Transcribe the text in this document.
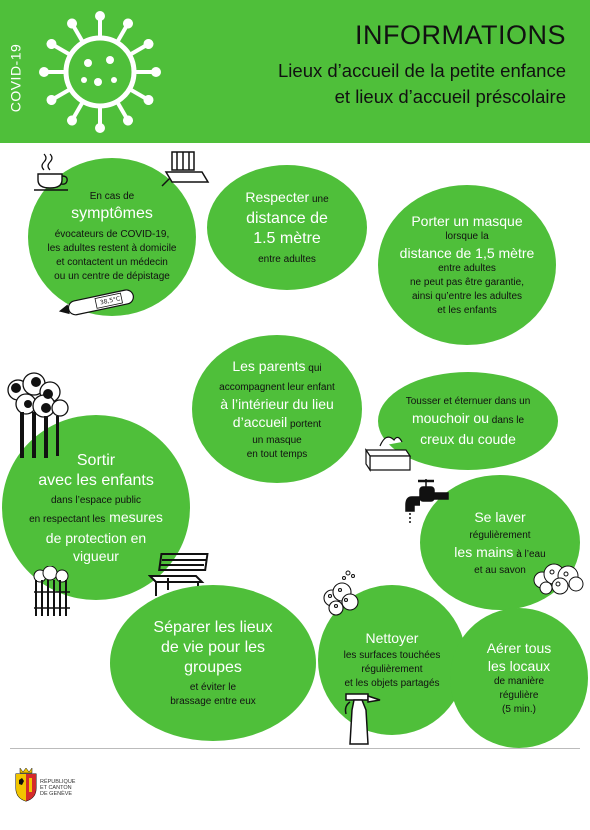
COVID-19
INFORMATIONS
Lieux d’accueil de la petite enfance
et lieux d’accueil préscolaire

En cas de

symptômes

évocateurs de COVID-19,

les adultes restent à domicile

et contactent un médecin

ou un centre de dépistage

38,5°C

Respecter une

distance de

1.5 mètre

entre adultes

Porter un masque

lorsque la

distance de 1,5 mètre

entre adultes

ne peut pas être garantie,

ainsi qu’entre les adultes

et les enfants

Les parents qui

accompagnent leur enfant

à l’intérieur du lieu

d’accueil portent

un masque

en tout temps

Tousser et éternuer dans un

mouchoir ou dans le

creux du coude

Sortir

avec les enfants

dans l’espace public

en respectant les mesures

de protection en

vigueur

Se laver

régulièrement

les mains à l’eau

et au savon

Séparer les lieux

de vie pour les

groupes

et éviter le

brassage entre eux

Nettoyer

les surfaces touchées

régulièrement

et les objets partagés

Aérer tous

les locaux

de manière

régulière

(5 min.)

RÉPUBLIQUE
ET CANTON
DE GENÈVE
